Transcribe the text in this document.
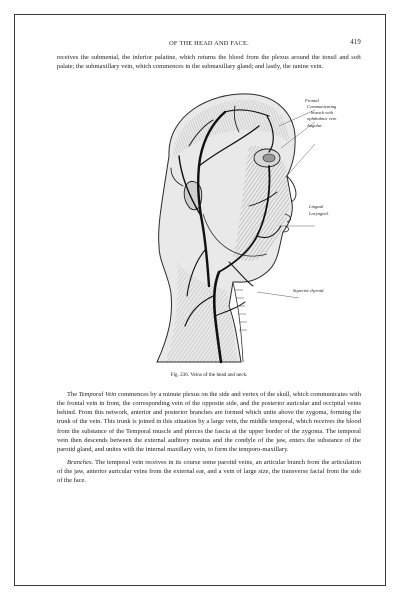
OF THE HEAD AND FACE.	419

receives the submental, the inferior palatine, which returns the blood from the plexus around the tonsil and soft palate; the submaxillary vein, which commences in the submaxillary gland; and lastly, the ranine vein.

Frontal
Communicating
branch with
ophthalmic vein
Angular
Lingual
Laryngeal.
Superior thyroid.
Fig. 236. Veins of the head and neck.

The Temporal Vein commences by a minute plexus on the side and vertex of the skull, which communicates with the frontal vein in front, the corresponding vein of the opposite side, and the posterior auricular and occipital veins behind. From this network, anterior and posterior branches are formed which unite above the zygoma, forming the trunk of the vein. This trunk is joined in this situation by a large vein, the middle temporal, which receives the blood from the substance of the Temporal muscle and pierces the fascia at the upper border of the zygoma. The temporal vein then descends between the external auditory meatus and the condyle of the jaw, enters the substance of the parotid gland, and unites with the internal maxillary vein, to form the temporo-maxillary.

Branches. The temporal vein receives in its course some parotid veins, an articular branch from the articulation of the jaw, anterior auricular veins from the external ear, and a vein of large size, the transverse facial from the side of the face.
